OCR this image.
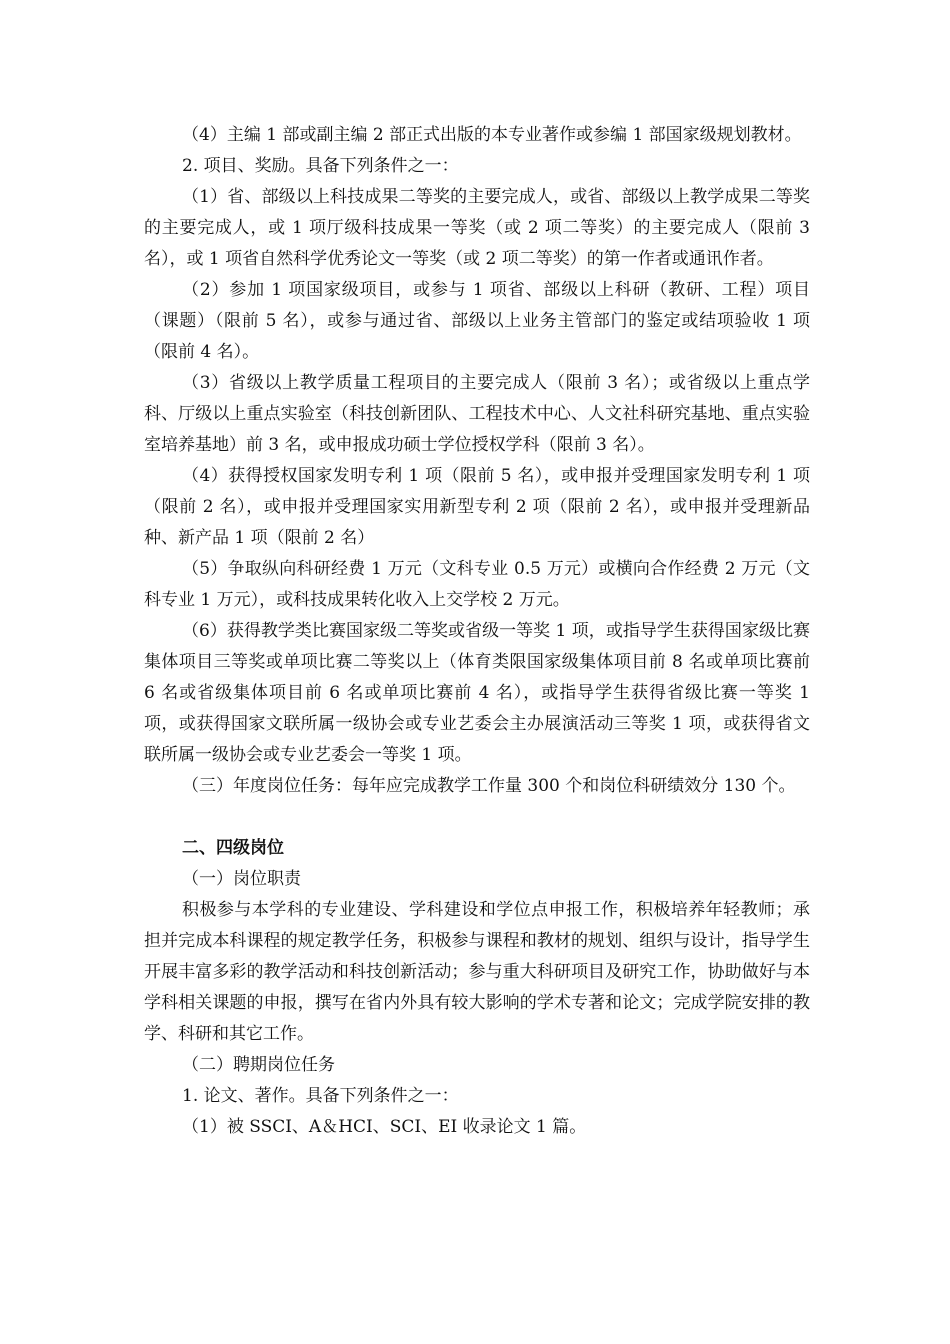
（4）主编 1 部或副主编 2 部正式出版的本专业著作或参编 1 部国家级规划教材。

2. 项目、奖励。具备下列条件之一：

（1）省、部级以上科技成果二等奖的主要完成人，或省、部级以上教学成果二等奖的主要完成人，或 1 项厅级科技成果一等奖（或 2 项二等奖）的主要完成人（限前 3 名），或 1 项省自然科学优秀论文一等奖（或 2 项二等奖）的第一作者或通讯作者。

（2）参加 1 项国家级项目，或参与 1 项省、部级以上科研（教研、工程）项目（课题）（限前 5 名），或参与通过省、部级以上业务主管部门的鉴定或结项验收 1 项（限前 4 名）。

（3）省级以上教学质量工程项目的主要完成人（限前 3 名）；或省级以上重点学科、厅级以上重点实验室（科技创新团队、工程技术中心、人文社科研究基地、重点实验室培养基地）前 3 名，或申报成功硕士学位授权学科（限前 3 名）。

（4）获得授权国家发明专利 1 项（限前 5 名），或申报并受理国家发明专利 1 项（限前 2 名），或申报并受理国家实用新型专利 2 项（限前 2 名），或申报并受理新品种、新产品 1 项（限前 2 名）

（5）争取纵向科研经费 1 万元（文科专业 0.5 万元）或横向合作经费 2 万元（文科专业 1 万元），或科技成果转化收入上交学校 2 万元。

（6）获得教学类比赛国家级二等奖或省级一等奖 1 项，或指导学生获得国家级比赛集体项目三等奖或单项比赛二等奖以上（体育类限国家级集体项目前 8 名或单项比赛前 6 名或省级集体项目前 6 名或单项比赛前 4 名），或指导学生获得省级比赛一等奖 1 项，或获得国家文联所属一级协会或专业艺委会主办展演活动三等奖 1 项，或获得省文联所属一级协会或专业艺委会一等奖 1 项。

（三）年度岗位任务：每年应完成教学工作量 300 个和岗位科研绩效分 130 个。

二、四级岗位

（一）岗位职责

积极参与本学科的专业建设、学科建设和学位点申报工作，积极培养年轻教师；承担并完成本科课程的规定教学任务，积极参与课程和教材的规划、组织与设计，指导学生开展丰富多彩的教学活动和科技创新活动；参与重大科研项目及研究工作，协助做好与本学科相关课题的申报，撰写在省内外具有较大影响的学术专著和论文；完成学院安排的教学、科研和其它工作。

（二）聘期岗位任务

1. 论文、著作。具备下列条件之一：

（1）被 SSCI、A＆HCI、SCI、EI 收录论文 1 篇。
